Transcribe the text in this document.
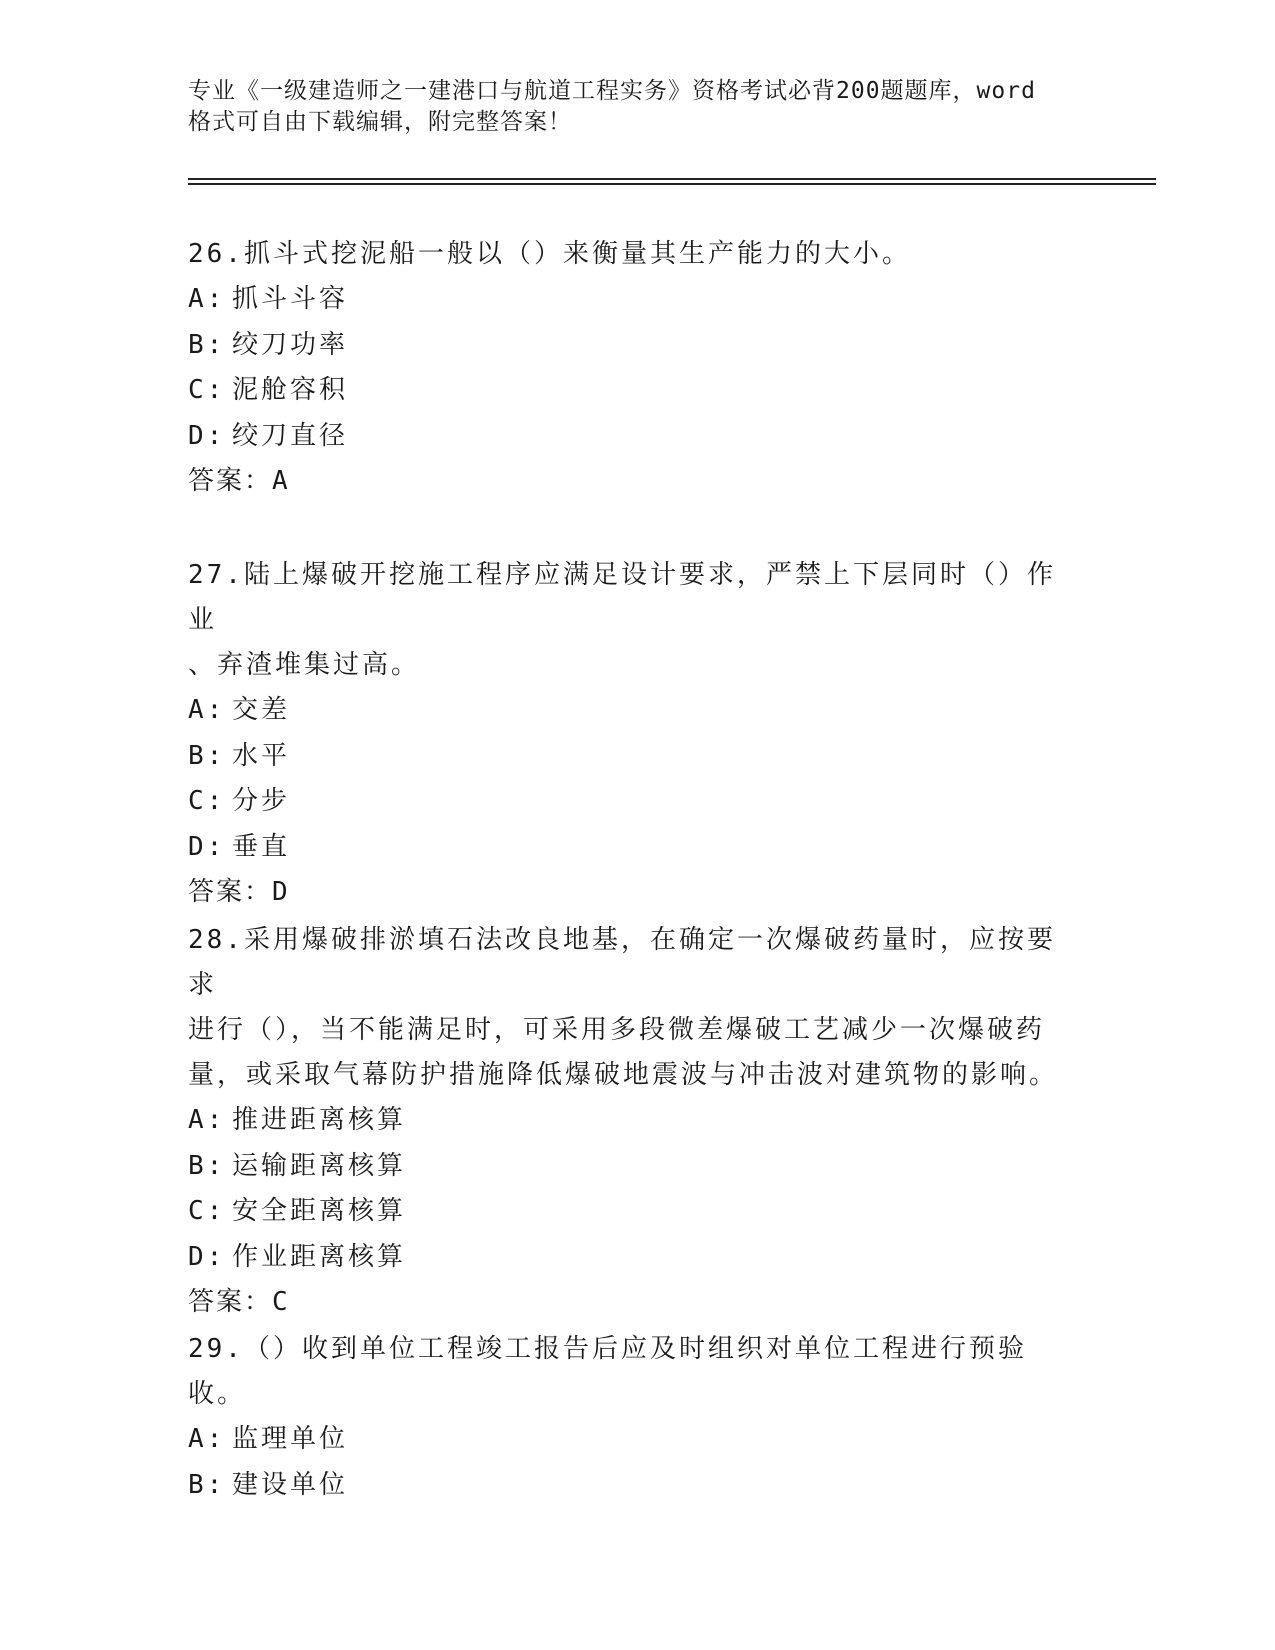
专业《一级建造师之一建港口与航道工程实务》资格考试必背200题题库，word

格式可自由下载编辑，附完整答案！

26.抓斗式挖泥船一般以（）来衡量其生产能力的大小。

A: 抓斗斗容

B: 绞刀功率

C: 泥舱容积

D: 绞刀直径

答案：A

27.陆上爆破开挖施工程序应满足设计要求，严禁上下层同时（）作业

、弃渣堆集过高。

A: 交差

B: 水平

C: 分步

D: 垂直

答案：D

28.采用爆破排淤填石法改良地基，在确定一次爆破药量时，应按要求

进行（），当不能满足时，可采用多段微差爆破工艺减少一次爆破药

量，或采取气幕防护措施降低爆破地震波与冲击波对建筑物的影响。

A: 推进距离核算

B: 运输距离核算

C: 安全距离核算

D: 作业距离核算

答案：C

29.（）收到单位工程竣工报告后应及时组织对单位工程进行预验收。

A: 监理单位

B: 建设单位
